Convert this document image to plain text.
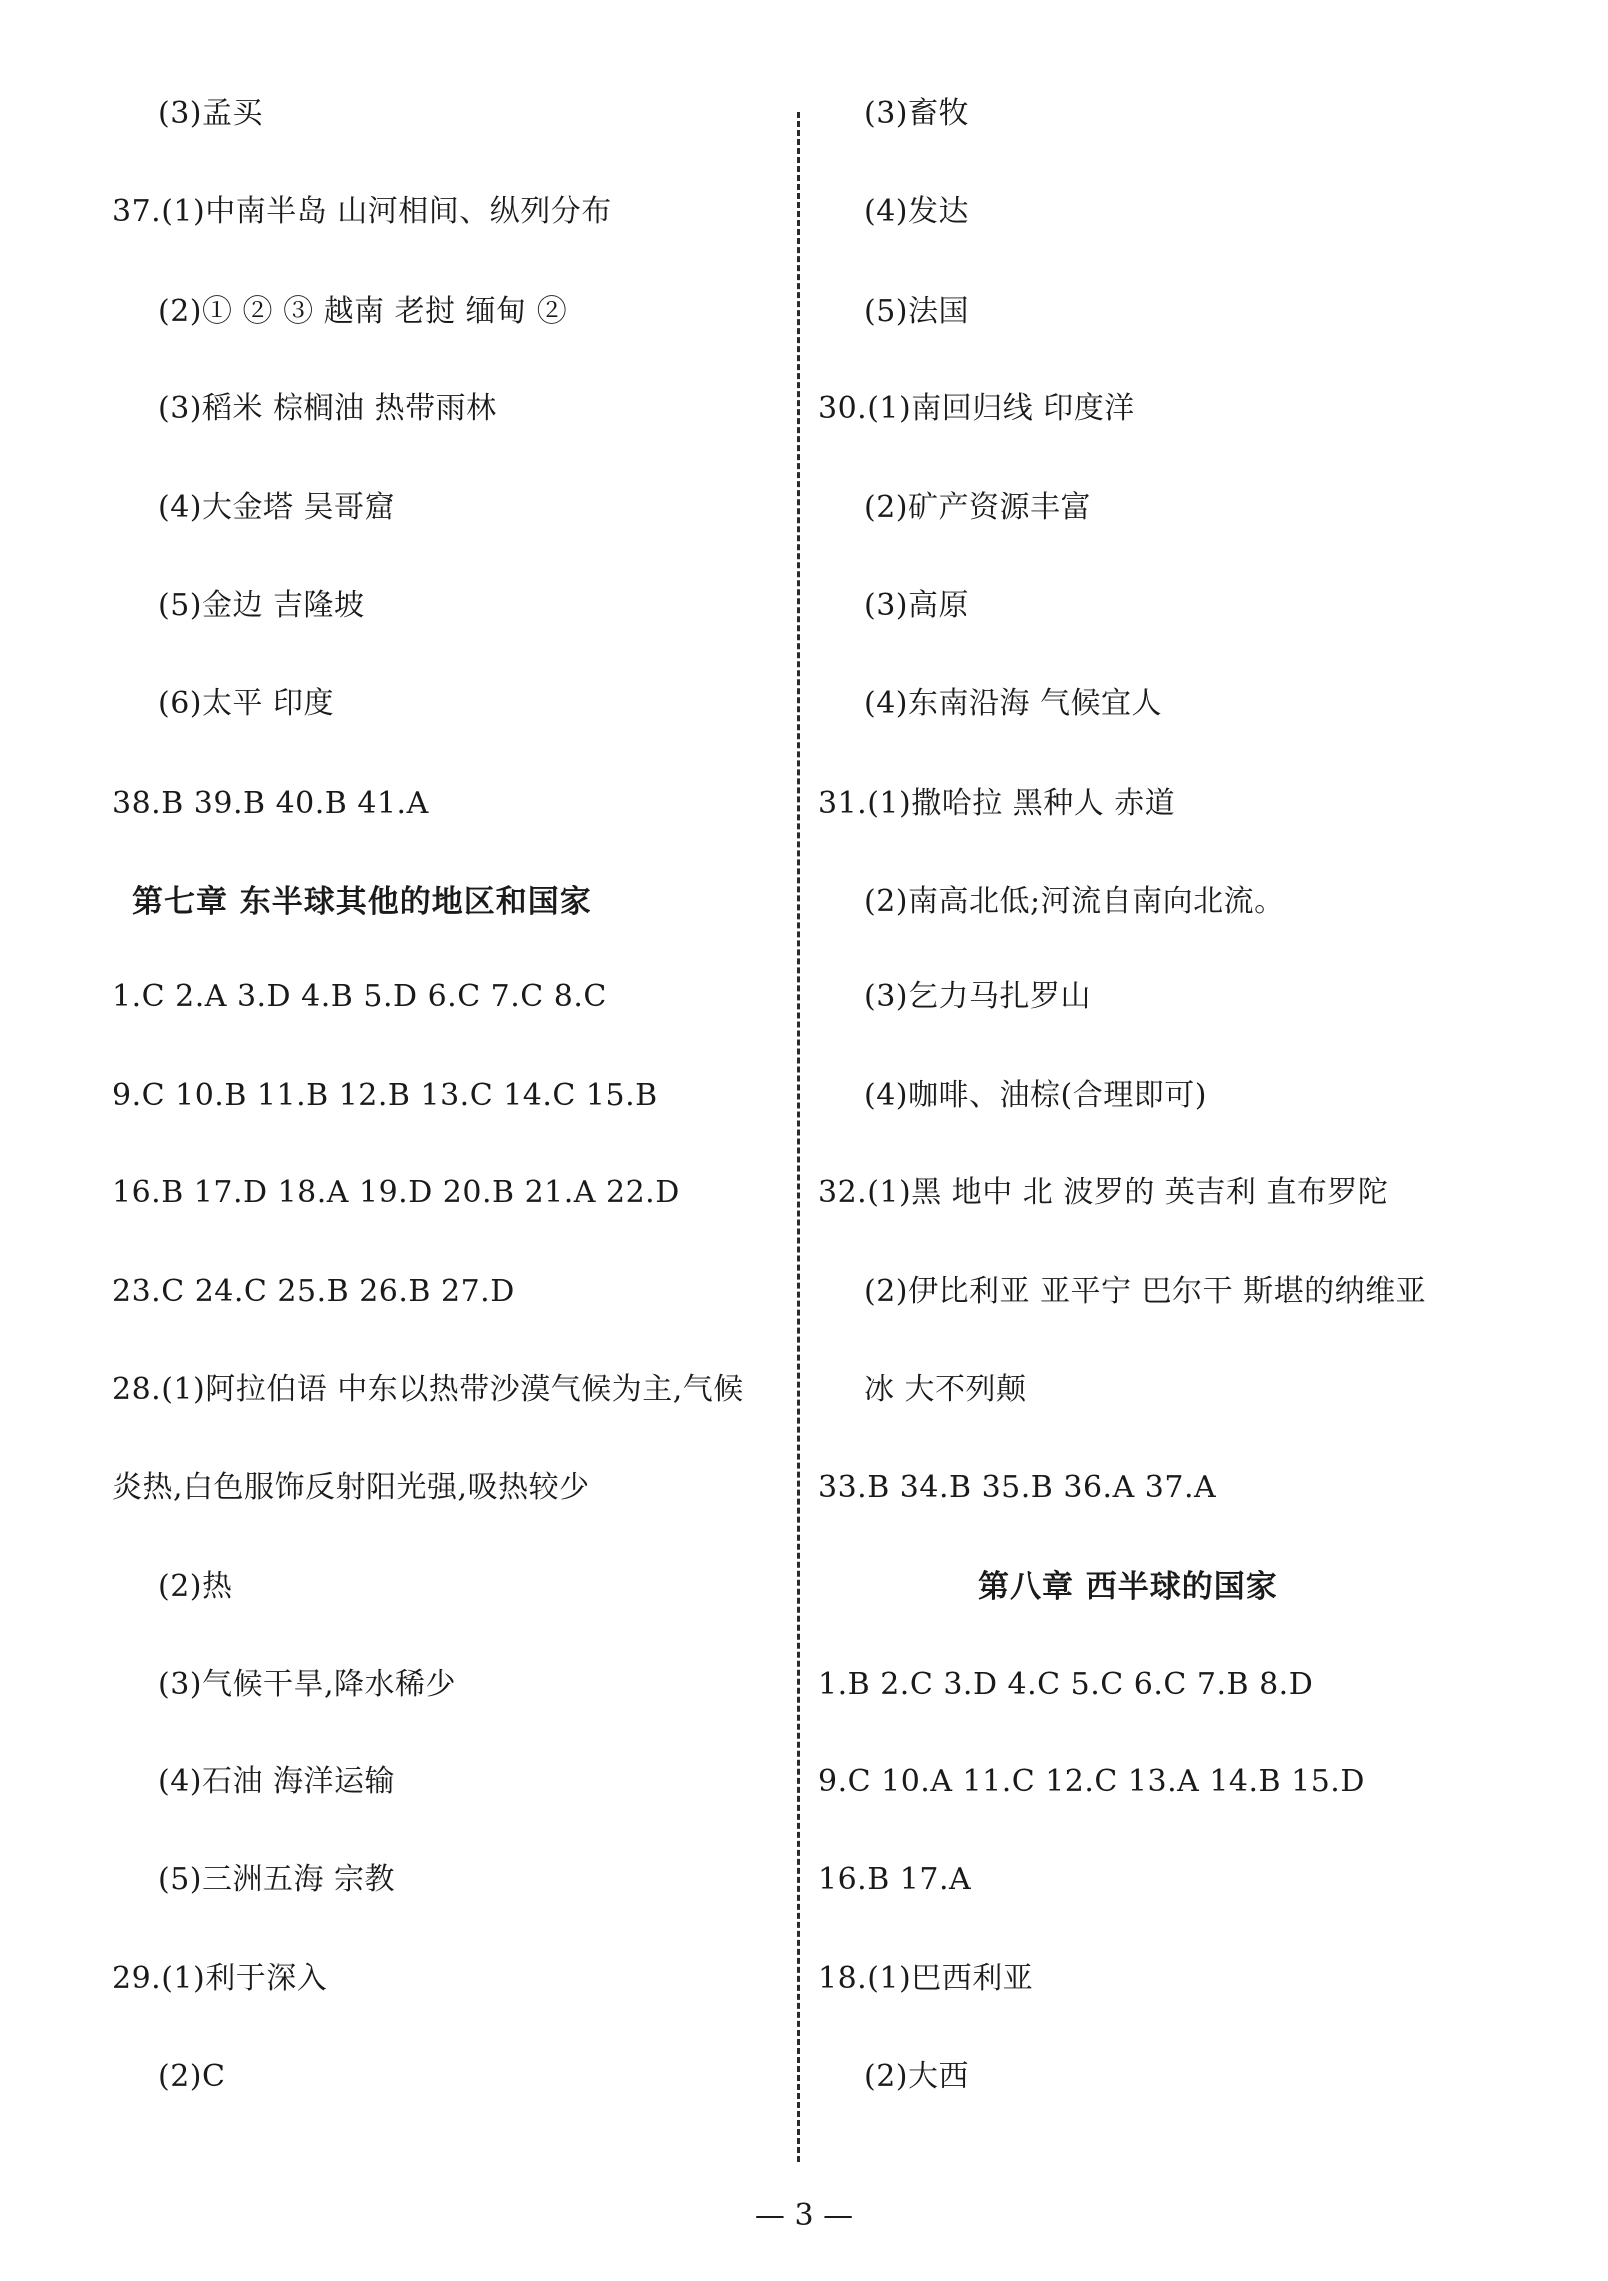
(3)孟买
37.(1)中南半岛 山河相间、纵列分布
(2)① ② ③ 越南 老挝 缅甸 ②
(3)稻米 棕榈油 热带雨林
(4)大金塔 吴哥窟
(5)金边 吉隆坡
(6)太平 印度
38.B 39.B 40.B 41.A
第七章 东半球其他的地区和国家
1.C 2.A 3.D 4.B 5.D 6.C 7.C 8.C
9.C 10.B 11.B 12.B 13.C 14.C 15.B
16.B 17.D 18.A 19.D 20.B 21.A 22.D
23.C 24.C 25.B 26.B 27.D
28.(1)阿拉伯语 中东以热带沙漠气候为主,气候
炎热,白色服饰反射阳光强,吸热较少
(2)热
(3)气候干旱,降水稀少
(4)石油 海洋运输
(5)三洲五海 宗教
29.(1)利于深入
(2)C
(3)畜牧
(4)发达
(5)法国
30.(1)南回归线 印度洋
(2)矿产资源丰富
(3)高原
(4)东南沿海 气候宜人
31.(1)撒哈拉 黑种人 赤道
(2)南高北低;河流自南向北流。
(3)乞力马扎罗山
(4)咖啡、油棕(合理即可)
32.(1)黑 地中 北 波罗的 英吉利 直布罗陀
(2)伊比利亚 亚平宁 巴尔干 斯堪的纳维亚
冰 大不列颠
33.B 34.B 35.B 36.A 37.A
第八章 西半球的国家
1.B 2.C 3.D 4.C 5.C 6.C 7.B 8.D
9.C 10.A 11.C 12.C 13.A 14.B 15.D
16.B 17.A
18.(1)巴西利亚
(2)大西
— 3 —
